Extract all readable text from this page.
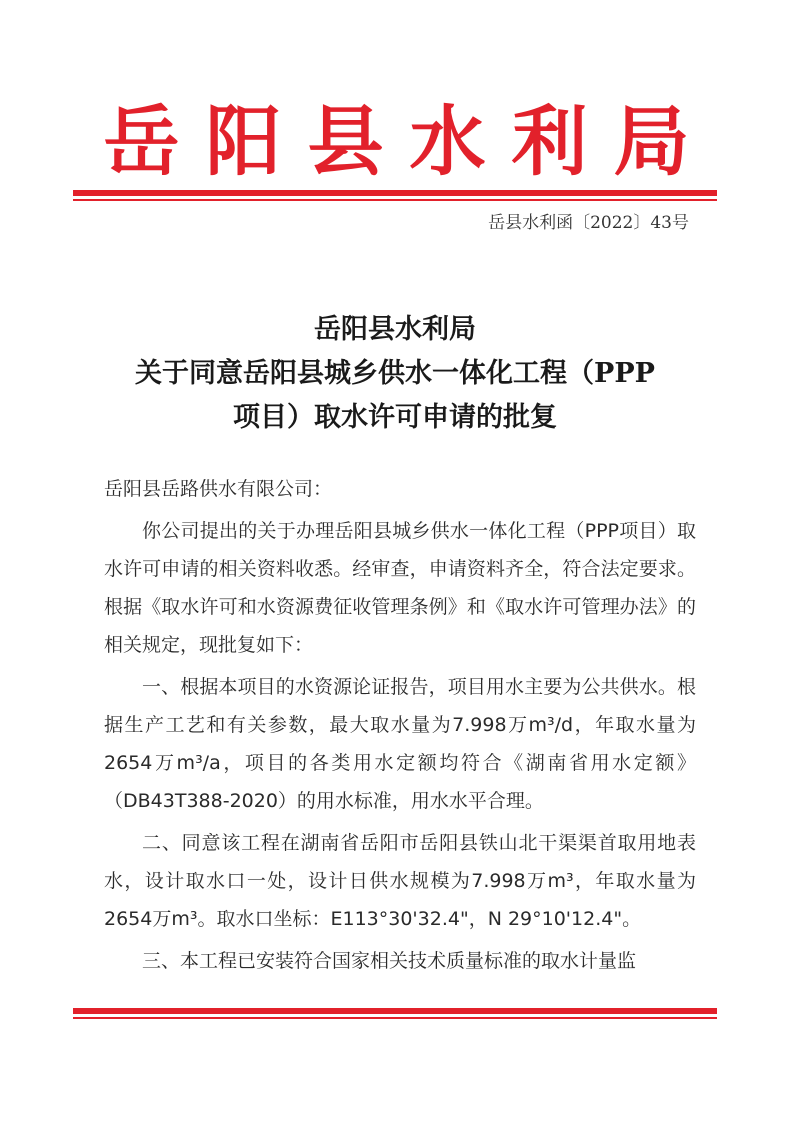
岳阳县水利局
岳县水利函〔2022〕43号
岳阳县水利局
关于同意岳阳县城乡供水一体化工程（PPP
项目）取水许可申请的批复

岳阳县岳路供水有限公司：

你公司提出的关于办理岳阳县城乡供水一体化工程（PPP项目）取水许可申请的相关资料收悉。经审查，申请资料齐全，符合法定要求。根据《取水许可和水资源费征收管理条例》和《取水许可管理办法》的相关规定，现批复如下：

一、根据本项目的水资源论证报告，项目用水主要为公共供水。根据生产工艺和有关参数，最大取水量为7.998万m³/d，年取水量为2654万m³/a，项目的各类用水定额均符合《湖南省用水定额》（DB43T388-2020）的用水标准，用水水平合理。

二、同意该工程在湖南省岳阳市岳阳县铁山北干渠渠首取用地表水，设计取水口一处，设计日供水规模为7.998万m³，年取水量为2654万m³。取水口坐标：E113°30'32.4"，N 29°10'12.4"。

三、本工程已安装符合国家相关技术质量标准的取水计量监
